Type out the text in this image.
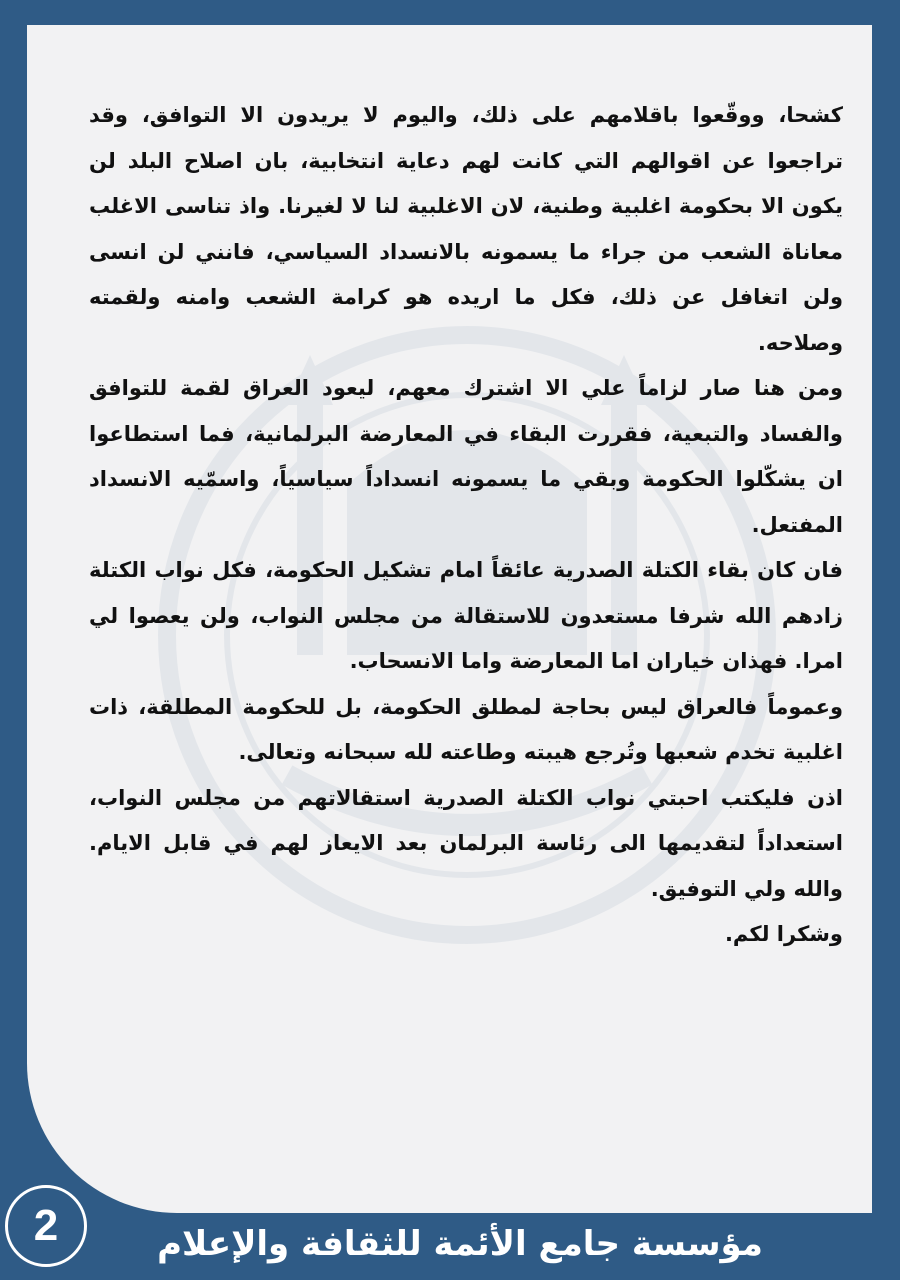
كشحا، ووقّعوا باقلامهم على ذلك، واليوم لا يريدون الا التوافق، وقد تراجعوا عن اقوالهم التي كانت لهم دعاية انتخابية، بان اصلاح البلد لن يكون الا بحكومة اغلبية وطنية، لان الاغلبية لنا لا لغيرنا. واذ تناسى الاغلب معاناة الشعب من جراء ما يسمونه بالانسداد السياسي، فانني لن انسى ولن اتغافل عن ذلك، فكل ما اريده هو كرامة الشعب وامنه ولقمته وصلاحه.

ومن هنا صار لزاماً علي الا اشترك معهم، ليعود العراق لقمة للتوافق والفساد والتبعية، فقررت البقاء في المعارضة البرلمانية، فما استطاعوا ان يشكّلوا الحكومة وبقي ما يسمونه انسداداً سياسياً، واسمّيه الانسداد المفتعل.

فان كان بقاء الكتلة الصدرية عائقاً امام تشكيل الحكومة، فكل نواب الكتلة زادهم الله شرفا مستعدون للاستقالة من مجلس النواب، ولن يعصوا لي امرا. فهذان خياران اما المعارضة واما الانسحاب.

وعموماً فالعراق ليس بحاجة لمطلق الحكومة، بل للحكومة المطلقة، ذات اغلبية تخدم شعبها وتُرجع هيبته وطاعته لله سبحانه وتعالى.

اذن فليكتب احبتي نواب الكتلة الصدرية استقالاتهم من مجلس النواب، استعداداً لتقديمها الى رئاسة البرلمان بعد الايعاز لهم في قابل الايام. والله ولي التوفيق.

وشكرا لكم.

2	مؤسسة جامع الأئمة للثقافة والإعلام
